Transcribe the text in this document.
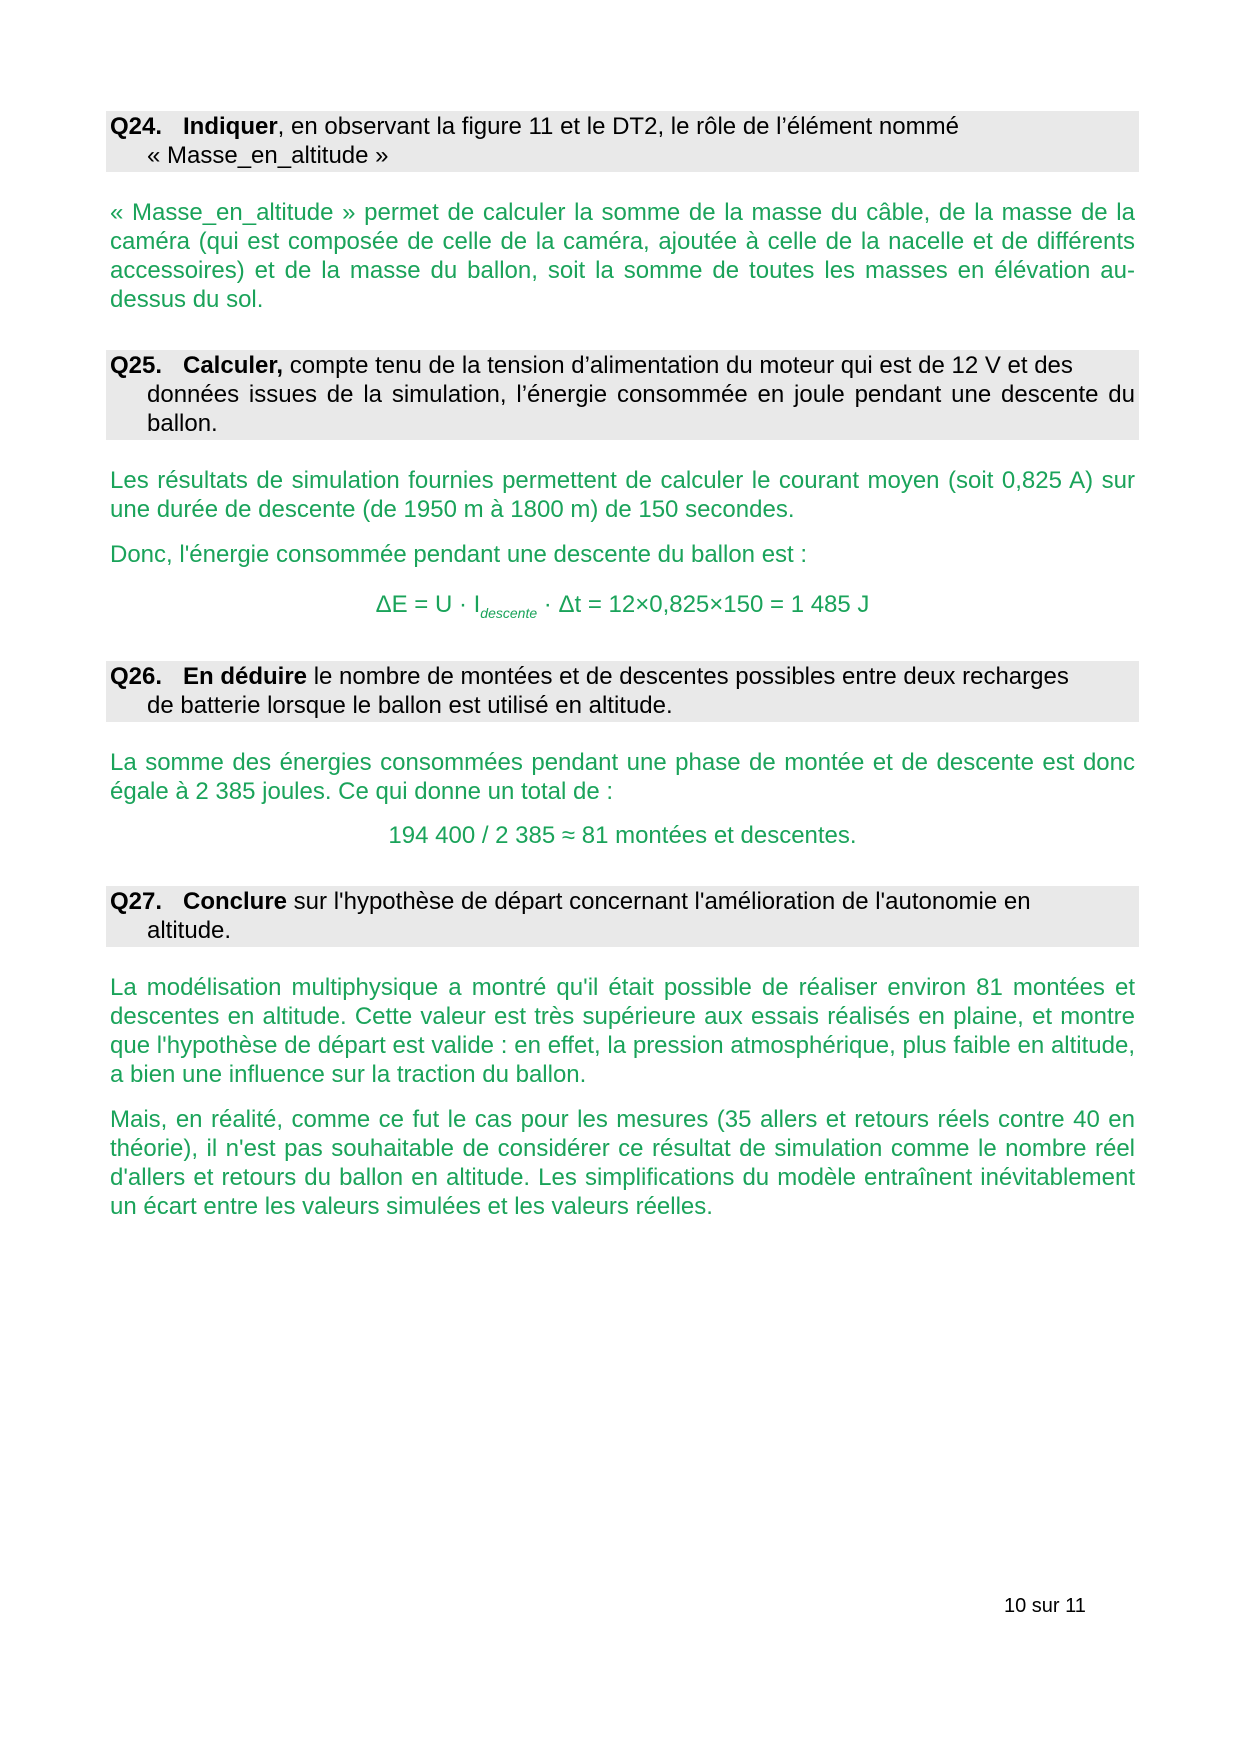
Q24. Indiquer, en observant la figure 11 et le DT2, le rôle de l’élément nommé
« Masse_en_altitude »
« Masse_en_altitude » permet de calculer la somme de la masse du câble, de la masse de la caméra (qui est composée de celle de la caméra, ajoutée à celle de la nacelle et de différents accessoires) et de la masse du ballon, soit la somme de toutes les masses en élévation au-dessus du sol.
Q25. Calculer, compte tenu de la tension d’alimentation du moteur qui est de 12 V et des
données issues de la simulation, l’énergie consommée en joule pendant une descente du ballon.
Les résultats de simulation fournies permettent de calculer le courant moyen (soit 0,825 A) sur une durée de descente (de 1950 m à 1800 m) de 150 secondes.
Donc, l'énergie consommée pendant une descente du ballon est :
$\Delta E = U \cdot I_{descente} \cdot \Delta t = 12\times 0,825\times 150 = 1$ 485 J
Q26. En déduire le nombre de montées et de descentes possibles entre deux recharges
de batterie lorsque le ballon est utilisé en altitude.
La somme des énergies consommées pendant une phase de montée et de descente est donc égale à 2 385 joules. Ce qui donne un total de :
194 400 / 2 385 ≈ 81 montées et descentes.
Q27. Conclure sur l'hypothèse de départ concernant l'amélioration de l'autonomie en
altitude.
La modélisation multiphysique a montré qu'il était possible de réaliser environ 81 montées et descentes en altitude. Cette valeur est très supérieure aux essais réalisés en plaine, et montre que l'hypothèse de départ est valide : en effet, la pression atmosphérique, plus faible en altitude, a bien une influence sur la traction du ballon.
Mais, en réalité, comme ce fut le cas pour les mesures (35 allers et retours réels contre 40 en théorie), il n'est pas souhaitable de considérer ce résultat de simulation comme le nombre réel d'allers et retours du ballon en altitude. Les simplifications du modèle entraînent inévitablement un écart entre les valeurs simulées et les valeurs réelles.
10 sur 11
